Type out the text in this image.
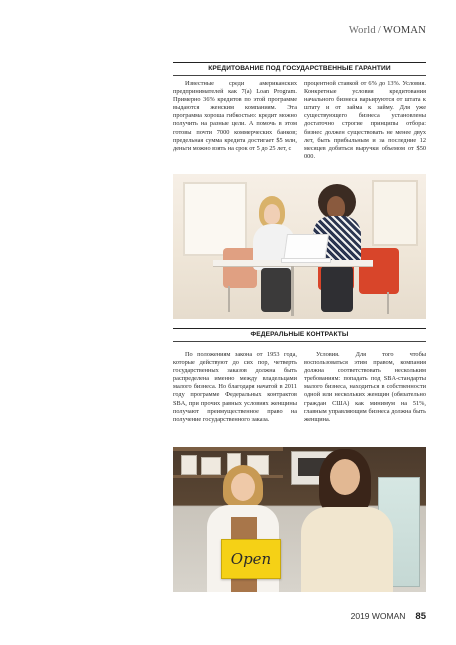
World / WOMAN
КРЕДИТОВАНИЕ ПОД ГОСУДАРСТВЕННЫЕ ГАРАНТИИ

Известные среди американских предпринимателей как 7(a) Loan Program. Примерно 36% кредитов по этой программе выдаются женским компаниям. Эта программа хороша гибкостью: кредит можно получить на разные цели. А помочь в этом готовы почти 7000 коммерческих банков; предельная сумма кредита достигает $5 млн, деньги можно взять на срок от 5 до 25 лет, с

процентной ставкой от 6% до 13%. Условия. Конкретные условия кредитования начального бизнеса варьируются от штата к штату и от займа к займу. Для уже существующего бизнеса установлены достаточно строгие принципы отбора: бизнес должен существовать не менее двух лет, быть прибыльным и за последние 12 месяцев добиться выручки объемом от $50 000.

ФЕДЕРАЛЬНЫЕ КОНТРАКТЫ

По положениям закона от 1953 года, которые действуют до сих пор, четверть государственных заказов должна быть распределена именно между владельцами малого бизнеса. Но благодаря начатой в 2011 году программе Федеральных контрактов SBA, при прочих равных условиях женщины получают преимущественное право на получение государственного заказа.

Условия. Для того чтобы воспользоваться этим правом, компания должна соответствовать нескольким требованиям: попадать под SBA-стандарты малого бизнеса, находиться в собственности одной или нескольких женщин (обязательно граждан США) как минимум на 51%, главным управляющим бизнеса должна быть женщина.

Open
2019 WOMAN 85
